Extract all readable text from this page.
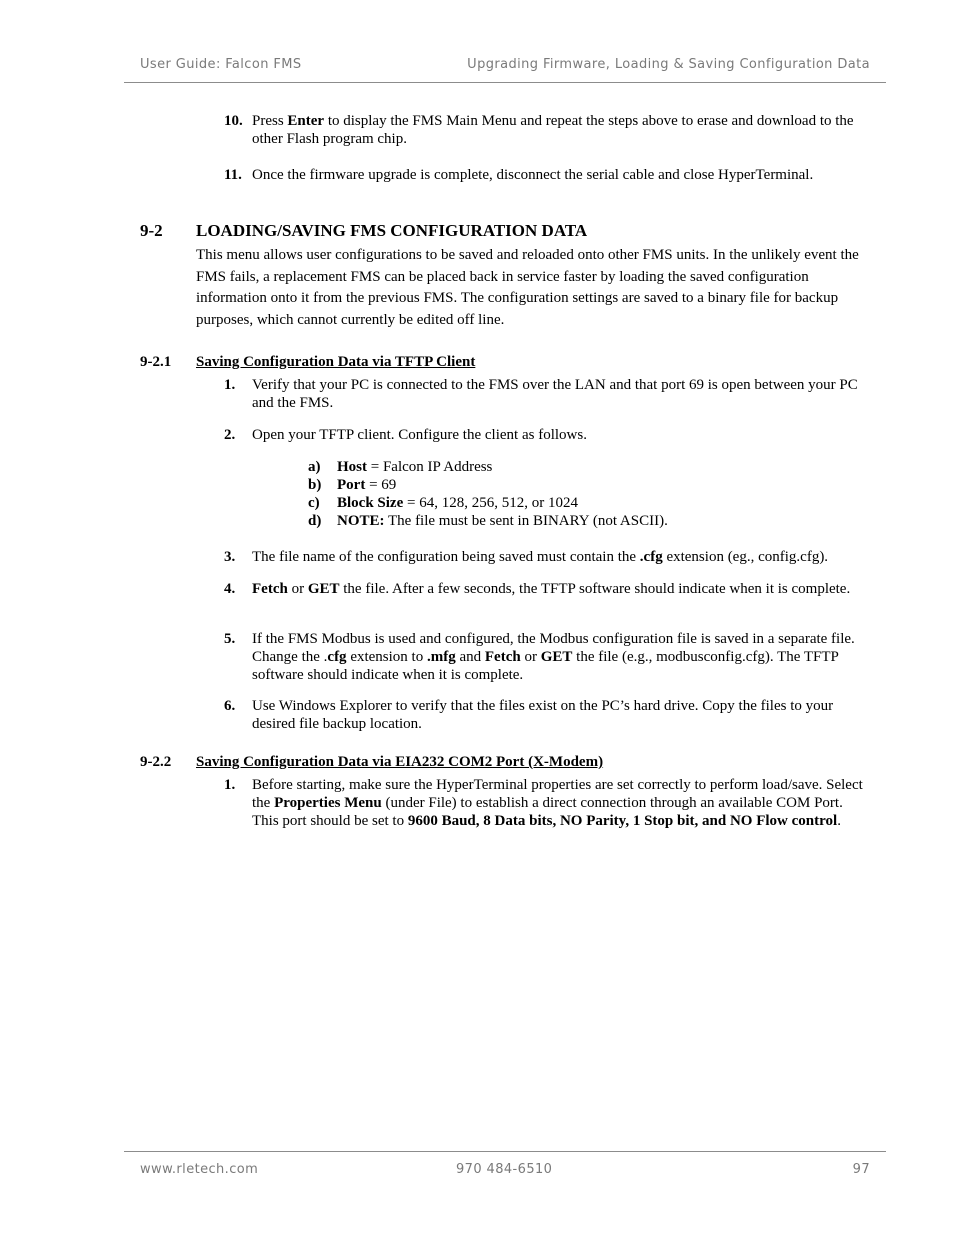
User Guide: Falcon FMS	Upgrading Firmware, Loading & Saving Configuration Data
10. Press Enter to display the FMS Main Menu and repeat the steps above to erase and download to the other Flash program chip.
11. Once the firmware upgrade is complete, disconnect the serial cable and close HyperTerminal.
9-2 LOADING/SAVING FMS CONFIGURATION DATA
This menu allows user configurations to be saved and reloaded onto other FMS units. In the unlikely event the FMS fails, a replacement FMS can be placed back in service faster by loading the saved configuration information onto it from the previous FMS. The configuration settings are saved to a binary file for backup purposes, which cannot currently be edited off line.
9-2.1 Saving Configuration Data via TFTP Client
1. Verify that your PC is connected to the FMS over the LAN and that port 69 is open between your PC and the FMS.
2. Open your TFTP client. Configure the client as follows.
a) Host = Falcon IP Address
b) Port = 69
c) Block Size = 64, 128, 256, 512, or 1024
d) NOTE: The file must be sent in BINARY (not ASCII).
3. The file name of the configuration being saved must contain the .cfg extension (eg., config.cfg).
4. Fetch or GET the file. After a few seconds, the TFTP software should indicate when it is complete.
5. If the FMS Modbus is used and configured, the Modbus configuration file is saved in a separate file. Change the .cfg extension to .mfg and Fetch or GET the file (e.g., modbusconfig.cfg). The TFTP software should indicate when it is complete.
6. Use Windows Explorer to verify that the files exist on the PC’s hard drive. Copy the files to your desired file backup location.
9-2.2 Saving Configuration Data via EIA232 COM2 Port (X-Modem)
1. Before starting, make sure the HyperTerminal properties are set correctly to perform load/save. Select the Properties Menu (under File) to establish a direct connection through an available COM Port. This port should be set to 9600 Baud, 8 Data bits, NO Parity, 1 Stop bit, and NO Flow control.
www.rletech.com	970 484-6510	97
